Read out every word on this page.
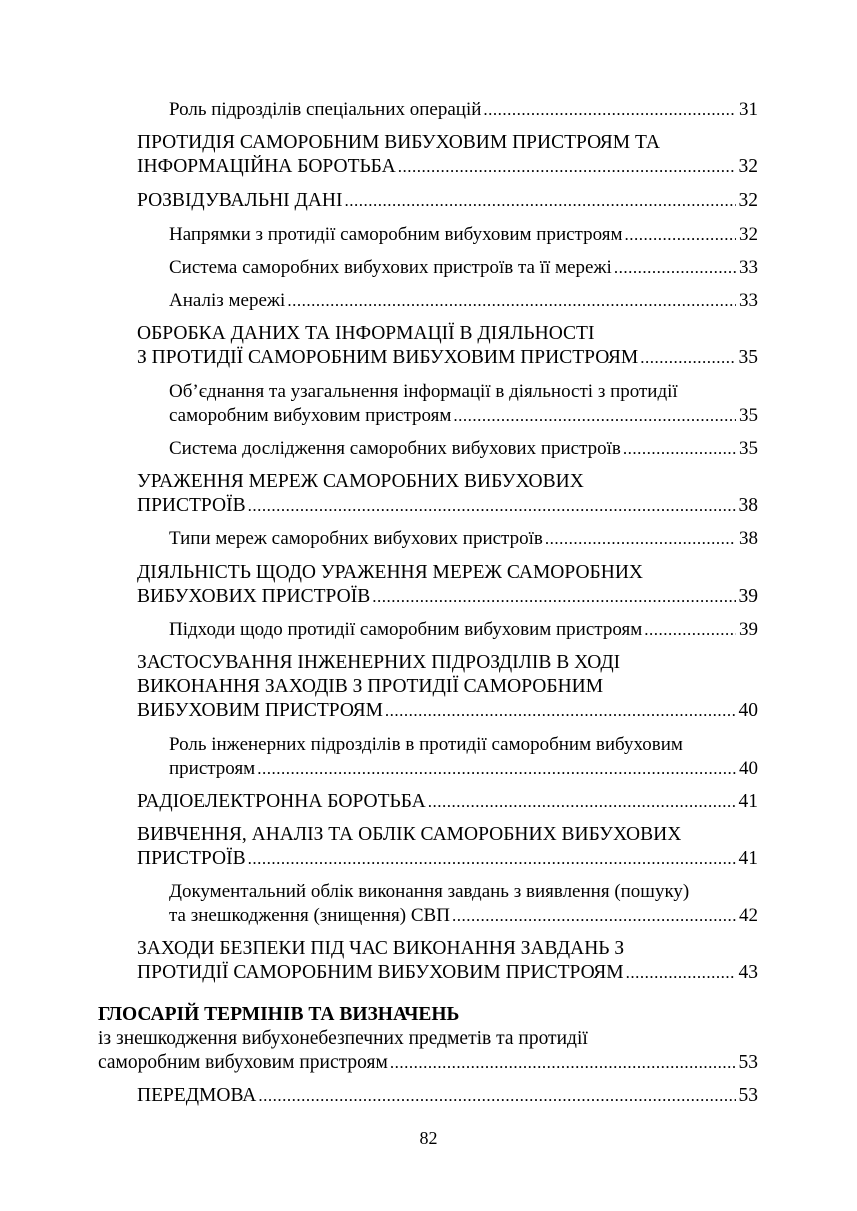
Роль підрозділів спеціальних операцій .....	31
ПРОТИДІЯ САМОРОБНИМ ВИБУХОВИМ ПРИСТРОЯМ ТА
ІНФОРМАЦІЙНА БОРОТЬБА .....	32
РОЗВІДУВАЛЬНІ ДАНІ .....	32
Напрямки з протидії саморобним вибуховим пристроям .....	32
Система саморобних вибухових пристроїв та її мережі .....	33
Аналіз мережі .....	33
ОБРОБКА ДАНИХ ТА ІНФОРМАЦІЇ В ДІЯЛЬНОСТІ
З ПРОТИДІЇ САМОРОБНИМ ВИБУХОВИМ ПРИСТРОЯМ .....	35
Об’єднання та узагальнення інформації в діяльності з протидії
саморобним вибуховим пристроям .....	35
Система дослідження саморобних вибухових пристроїв .....	35
УРАЖЕННЯ МЕРЕЖ САМОРОБНИХ ВИБУХОВИХ
ПРИСТРОЇВ .....	38
Типи мереж саморобних вибухових пристроїв .....	38
ДІЯЛЬНІСТЬ ЩОДО УРАЖЕННЯ МЕРЕЖ САМОРОБНИХ
ВИБУХОВИХ ПРИСТРОЇВ .....	39
Підходи щодо протидії саморобним вибуховим пристроям .....	39
ЗАСТОСУВАННЯ ІНЖЕНЕРНИХ ПІДРОЗДІЛІВ В ХОДІ
ВИКОНАННЯ ЗАХОДІВ З ПРОТИДІЇ САМОРОБНИМ
ВИБУХОВИМ ПРИСТРОЯМ .....	40
Роль інженерних підрозділів в протидії саморобним вибуховим
пристроям .....	40
РАДІОЕЛЕКТРОННА БОРОТЬБА .....	41
ВИВЧЕННЯ, АНАЛІЗ ТА ОБЛІК САМОРОБНИХ ВИБУХОВИХ
ПРИСТРОЇВ .....	41
Документальний облік виконання завдань з виявлення (пошуку)
та знешкодження (знищення) СВП .....	42
ЗАХОДИ БЕЗПЕКИ ПІД ЧАС ВИКОНАННЯ ЗАВДАНЬ З
ПРОТИДІЇ САМОРОБНИМ ВИБУХОВИМ ПРИСТРОЯМ .....	43
ГЛОСАРІЙ ТЕРМІНІВ ТА ВИЗНАЧЕНЬ
із знешкодження вибухонебезпечних предметів та протидії
саморобним вибуховим пристроям .....	53
ПЕРЕДМОВА .....	53
82
